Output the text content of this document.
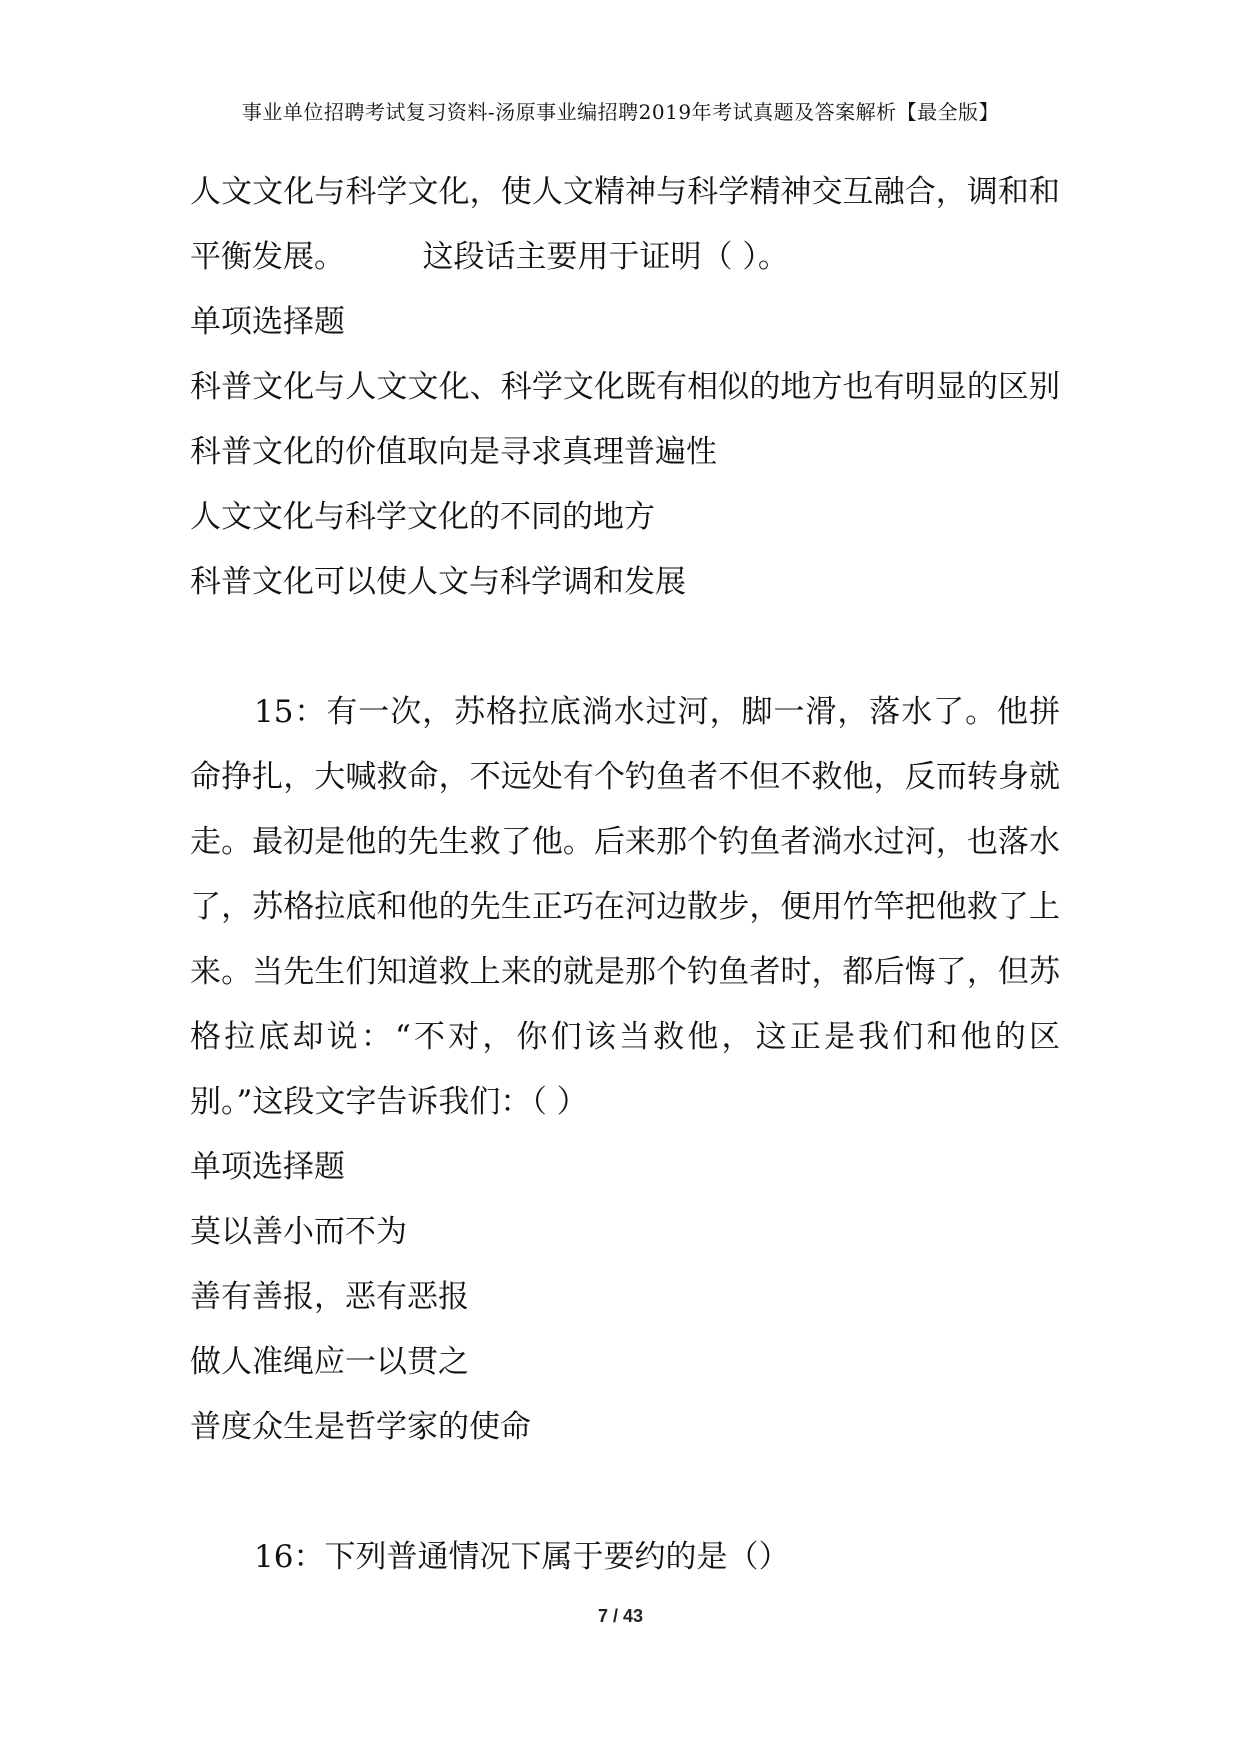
事业单位招聘考试复习资料-汤原事业编招聘2019年考试真题及答案解析【最全版】
人文文化与科学文化，使人文精神与科学精神交互融合，调和和
平衡发展。　　　这段话主要用于证明（ ）。
单项选择题
科普文化与人文文化、科学文化既有相似的地方也有明显的区别
科普文化的价值取向是寻求真理普遍性
人文文化与科学文化的不同的地方
科普文化可以使人文与科学调和发展
15：有一次，苏格拉底淌水过河，脚一滑，落水了。他拼
命挣扎，大喊救命，不远处有个钓鱼者不但不救他，反而转身就
走。最初是他的先生救了他。后来那个钓鱼者淌水过河，也落水
了，苏格拉底和他的先生正巧在河边散步，便用竹竿把他救了上
来。当先生们知道救上来的就是那个钓鱼者时，都后悔了，但苏
格拉底却说：“不对，你们该当救他，这正是我们和他的区
别。”这段文字告诉我们：（ ）
单项选择题
莫以善小而不为
善有善报，恶有恶报
做人准绳应一以贯之
普度众生是哲学家的使命
16：下列普通情况下属于要约的是（）
7 / 43
